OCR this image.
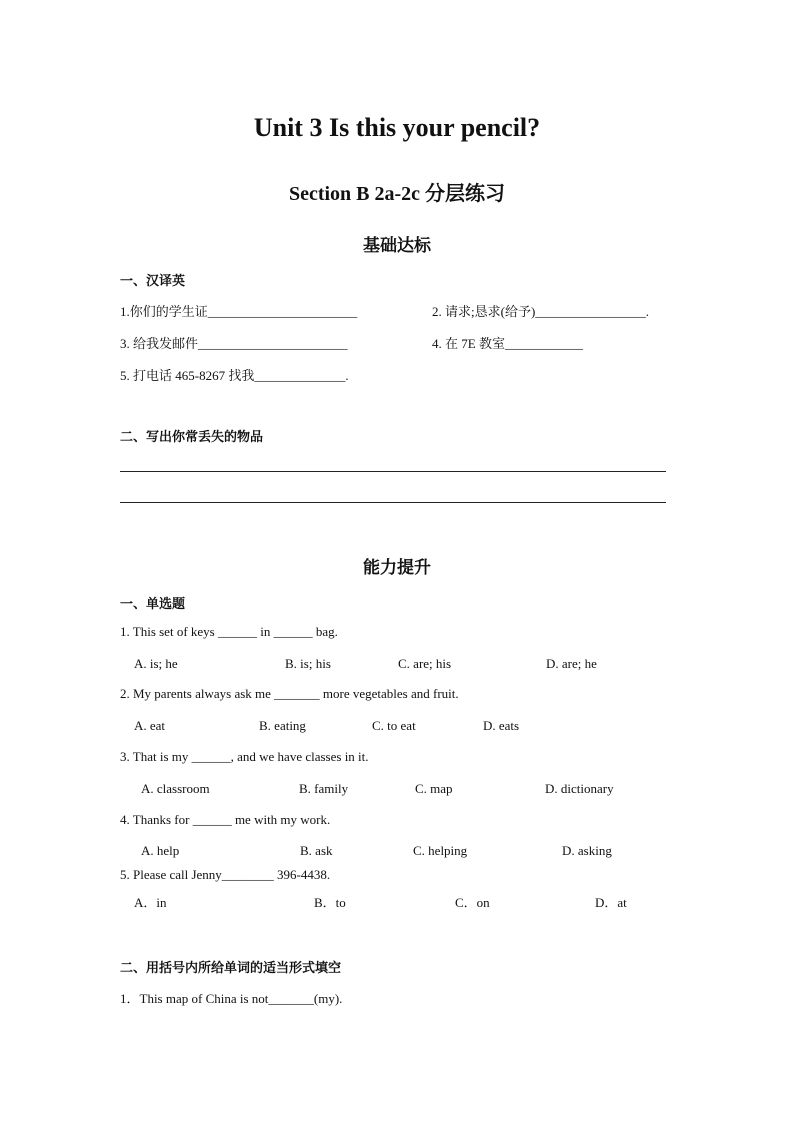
Unit 3 Is this your pencil?
Section B 2a-2c 分层练习
基础达标
一、汉译英
1.你们的学生证_______________________	2. 请求;恳求(给予)_________________.
3. 给我发邮件_______________________	4. 在 7E 教室____________
5. 打电话 465-8267 找我______________.
二、写出你常丢失的物品
能力提升
一、单选题
1. This set of keys ______ in ______ bag.
A. is; he	B. is; his	C. are; his	D. are; he
2. My parents always ask me _______ more vegetables and fruit.
A. eat	B. eating	C. to eat	D. eats
3. That is my ______, and we have classes in it.
A. classroom	B. family	C. map	D. dictionary
4. Thanks for ______ me with my work.
A. help	B. ask	C. helping	D. asking
5. Please call Jenny________ 396-4438.
A．in	B．to	C．on	D．at
二、用括号内所给单词的适当形式填空
1．This map of China is not_______(my).
